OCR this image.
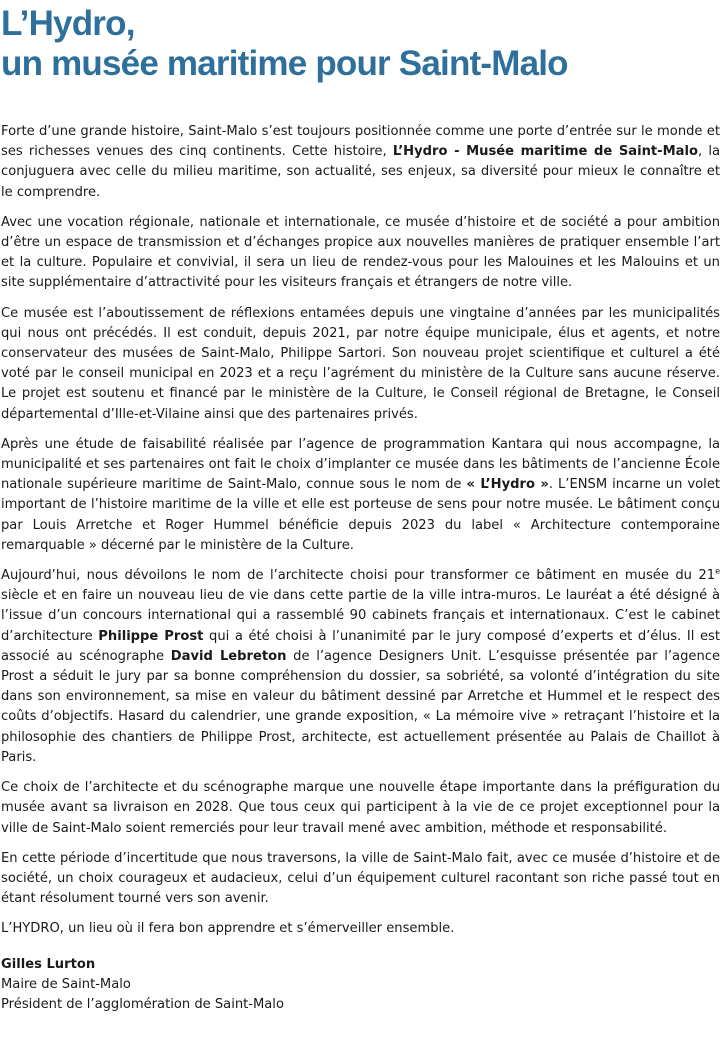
L’Hydro,
un musée maritime pour Saint-Malo

Forte d’une grande histoire, Saint-Malo s’est toujours positionnée comme une porte d’entrée sur le monde et ses richesses venues des cinq continents. Cette histoire, L’Hydro - Musée maritime de Saint-Malo, la conjuguera avec celle du milieu maritime, son actualité, ses enjeux, sa diversité pour mieux le connaître et le comprendre.

Avec une vocation régionale, nationale et internationale, ce musée d’histoire et de société a pour ambition d’être un espace de transmission et d’échanges propice aux nouvelles manières de pratiquer ensemble l’art et la culture. Populaire et convivial, il sera un lieu de rendez-vous pour les Malouines et les Malouins et un site supplémentaire d’attractivité pour les visiteurs français et étrangers de notre ville.

Ce musée est l’aboutissement de réflexions entamées depuis une vingtaine d’années par les municipalités qui nous ont précédés. Il est conduit, depuis 2021, par notre équipe municipale, élus et agents, et notre conservateur des musées de Saint-Malo, Philippe Sartori. Son nouveau projet scientifique et culturel a été voté par le conseil municipal en 2023 et a reçu l’agrément du ministère de la Culture sans aucune réserve. Le projet est soutenu et financé par le ministère de la Culture, le Conseil régional de Bretagne, le Conseil départemental d’Ille-et-Vilaine ainsi que des partenaires privés.

Après une étude de faisabilité réalisée par l’agence de programmation Kantara qui nous accompagne, la municipalité et ses partenaires ont fait le choix d’implanter ce musée dans les bâtiments de l’ancienne École nationale supérieure maritime de Saint-Malo, connue sous le nom de « L’Hydro ». L’ENSM incarne un volet important de l’histoire maritime de la ville et elle est porteuse de sens pour notre musée. Le bâtiment conçu par Louis Arretche et Roger Hummel bénéficie depuis 2023 du label « Architecture contemporaine remarquable » décerné par le ministère de la Culture.

Aujourd’hui, nous dévoilons le nom de l’architecte choisi pour transformer ce bâtiment en musée du 21e siècle et en faire un nouveau lieu de vie dans cette partie de la ville intra-muros. Le lauréat a été désigné à l’issue d’un concours international qui a rassemblé 90 cabinets français et internationaux. C’est le cabinet d’architecture Philippe Prost qui a été choisi à l’unanimité par le jury composé d’experts et d’élus. Il est associé au scénographe David Lebreton de l’agence Designers Unit. L’esquisse présentée par l’agence Prost a séduit le jury par sa bonne compréhension du dossier, sa sobriété, sa volonté d’intégration du site dans son environnement, sa mise en valeur du bâtiment dessiné par Arretche et Hummel et le respect des coûts d’objectifs. Hasard du calendrier, une grande exposition, « La mémoire vive » retraçant l’histoire et la philosophie des chantiers de Philippe Prost, architecte, est actuellement présentée au Palais de Chaillot à Paris.

Ce choix de l’architecte et du scénographe marque une nouvelle étape importante dans la préfiguration du musée avant sa livraison en 2028. Que tous ceux qui participent à la vie de ce projet exceptionnel pour la ville de Saint-Malo soient remerciés pour leur travail mené avec ambition, méthode et responsabilité.

En cette période d’incertitude que nous traversons, la ville de Saint-Malo fait, avec ce musée d’histoire et de société, un choix courageux et audacieux, celui d’un équipement culturel racontant son riche passé tout en étant résolument tourné vers son avenir.

L’HYDRO, un lieu où il fera bon apprendre et s’émerveiller ensemble.

Gilles Lurton
Maire de Saint-Malo
Président de l’agglomération de Saint-Malo
